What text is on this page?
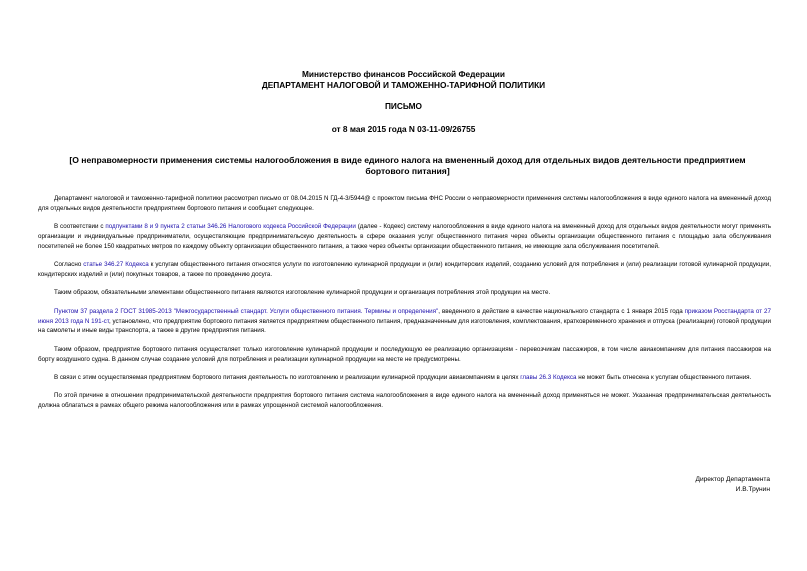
Министерство финансов Российской Федерации
ДЕПАРТАМЕНТ НАЛОГОВОЙ И ТАМОЖЕННО-ТАРИФНОЙ ПОЛИТИКИ
ПИСЬМО
от 8 мая 2015 года N 03-11-09/26755
[О неправомерности применения системы налогообложения в виде единого налога на вмененный доход для отдельных видов деятельности предприятием бортового питания]

Департамент налоговой и таможенно-тарифной политики рассмотрел письмо от 08.04.2015 N ГД-4-3/5944@ с проектом письма ФНС России о неправомерности применения системы налогообложения в виде единого налога на вмененный доход для отдельных видов деятельности предприятием бортового питания и сообщает следующее.

В соответствии с подпунктами 8 и 9 пункта 2 статьи 346.26 Налогового кодекса Российской Федерации (далее - Кодекс) систему налогообложения в виде единого налога на вмененный доход для отдельных видов деятельности могут применять организации и индивидуальные предприниматели, осуществляющие предпринимательскую деятельность в сфере оказания услуг общественного питания через объекты организации общественного питания с площадью зала обслуживания посетителей не более 150 квадратных метров по каждому объекту организации общественного питания, а также через объекты организации общественного питания, не имеющие зала обслуживания посетителей.

Согласно статье 346.27 Кодекса к услугам общественного питания относятся услуги по изготовлению кулинарной продукции и (или) кондитерских изделий, созданию условий для потребления и (или) реализации готовой кулинарной продукции, кондитерских изделий и (или) покупных товаров, а также по проведению досуга.

Таким образом, обязательными элементами общественного питания являются изготовление кулинарной продукции и организация потребления этой продукции на месте.

Пунктом 37 раздела 2 ГОСТ 31985-2013 "Межгосударственный стандарт. Услуги общественного питания. Термины и определения", введенного в действие в качестве национального стандарта с 1 января 2015 года приказом Росстандарта от 27 июня 2013 года N 191-ст, установлено, что предприятие бортового питания является предприятием общественного питания, предназначенным для изготовления, комплектования, кратковременного хранения и отпуска (реализации) готовой продукции на самолеты и иные виды транспорта, а также в другие предприятия питания.

Таким образом, предприятие бортового питания осуществляет только изготовление кулинарной продукции и последующую ее реализацию организациям - перевозчикам пассажиров, в том числе авиакомпаниям для питания пассажиров на борту воздушного судна. В данном случае создание условий для потребления и реализации кулинарной продукции на месте не предусмотрены.

В связи с этим осуществляемая предприятием бортового питания деятельность по изготовлению и реализации кулинарной продукции авиакомпаниям в целях главы 26.3 Кодекса не может быть отнесена к услугам общественного питания.

По этой причине в отношении предпринимательской деятельности предприятия бортового питания система налогообложения в виде единого налога на вмененный доход применяться не может. Указанная предпринимательская деятельность должна облагаться в рамках общего режима налогообложения или в рамках упрощенной системой налогообложения.

Директор Департамента
И.В.Трунин
